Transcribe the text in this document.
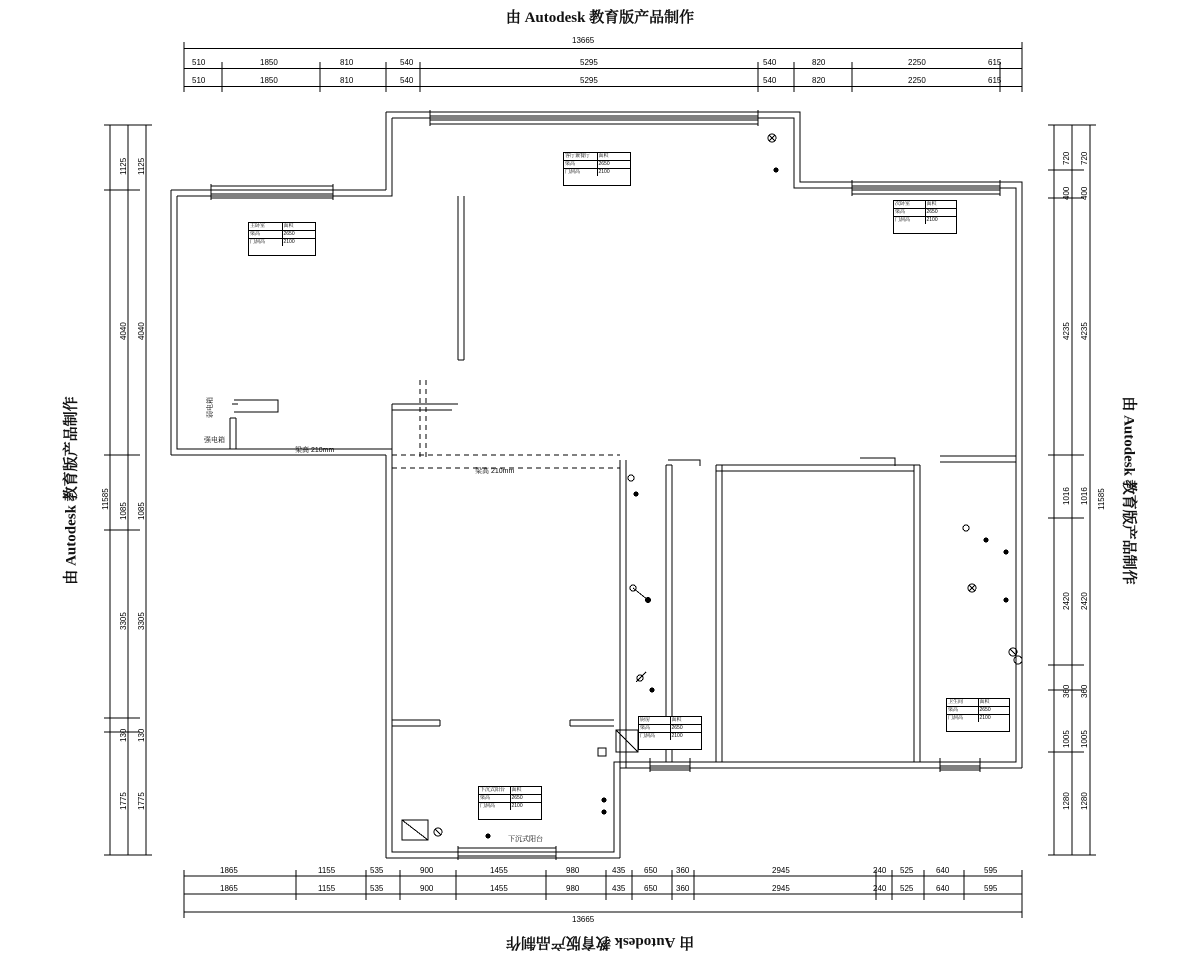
由 Autodesk 教育版产品制作
由 Autodesk 教育版产品制作
由 Autodesk 教育版产品制作	由 Autodesk 教育版产品制作
13665
510	1850	810	540	5295	540	820	2250	615
510	1850	810	540	5295	540	820	2250	615
13665
1865	1155	535	900	1455	980	435 650 360	2945	240 525	640	595
1865	1155	535	900	1455	980	435 650 360	2945	240 525	640	595
11585
1125
4040
1085
3305
130
1775
1125
4040
1085
3305
130
1775
11585
720
400
4235
1016
2420
360
1005
1280
720
400
4235
1016
2420
360
1005
1280
客厅兼餐厅	面积
梁高	2650
门洞高	2100
主卧室	面积
梁高	2650
门洞高	2100
次卧室	面积
梁高	2650
门洞高	2100
厨房	面积
梁高	2650
门洞高	2100
卫生间	面积
梁高	2650
门洞高	2100
下沉式阳台	面积
梁高	2650
门洞高	2100
梁高 210mm
梁高 210mm
强电箱
弱电箱
下沉式阳台
